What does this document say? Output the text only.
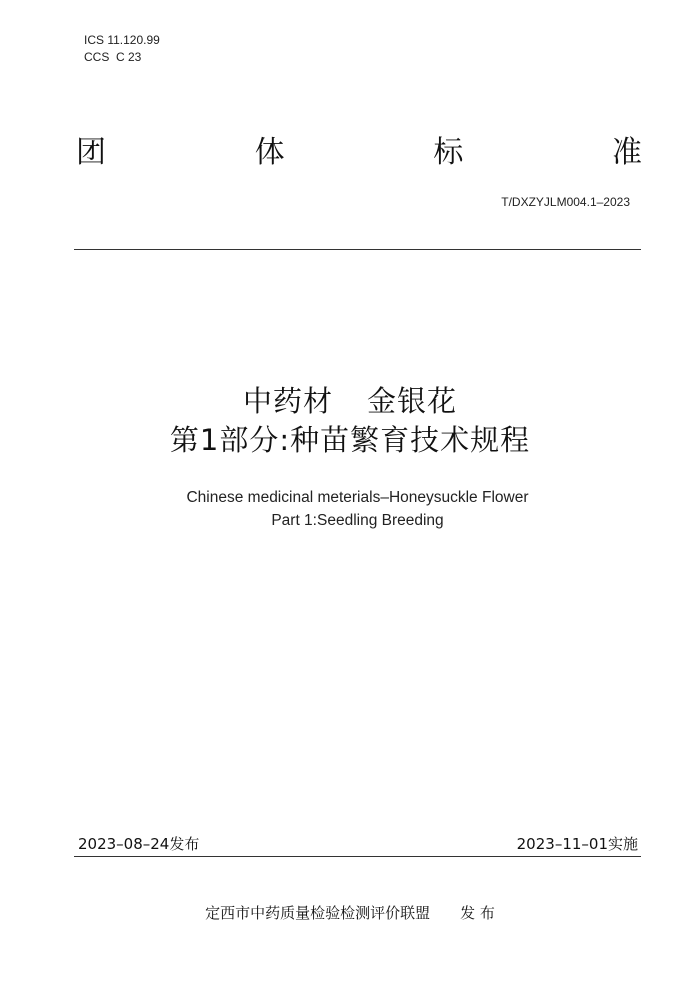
ICS 11.120.99
CCS  C 23
团	体	标	准
T/DXZYJLM004.1–2023
中药材 金银花
第1部分:种苗繁育技术规程
Chinese medicinal meterials–Honeysuckle Flower
Part 1:Seedling Breeding
2023–08–24发布	2023–11–01实施
定西市中药质量检验检测评价联盟 发 布
